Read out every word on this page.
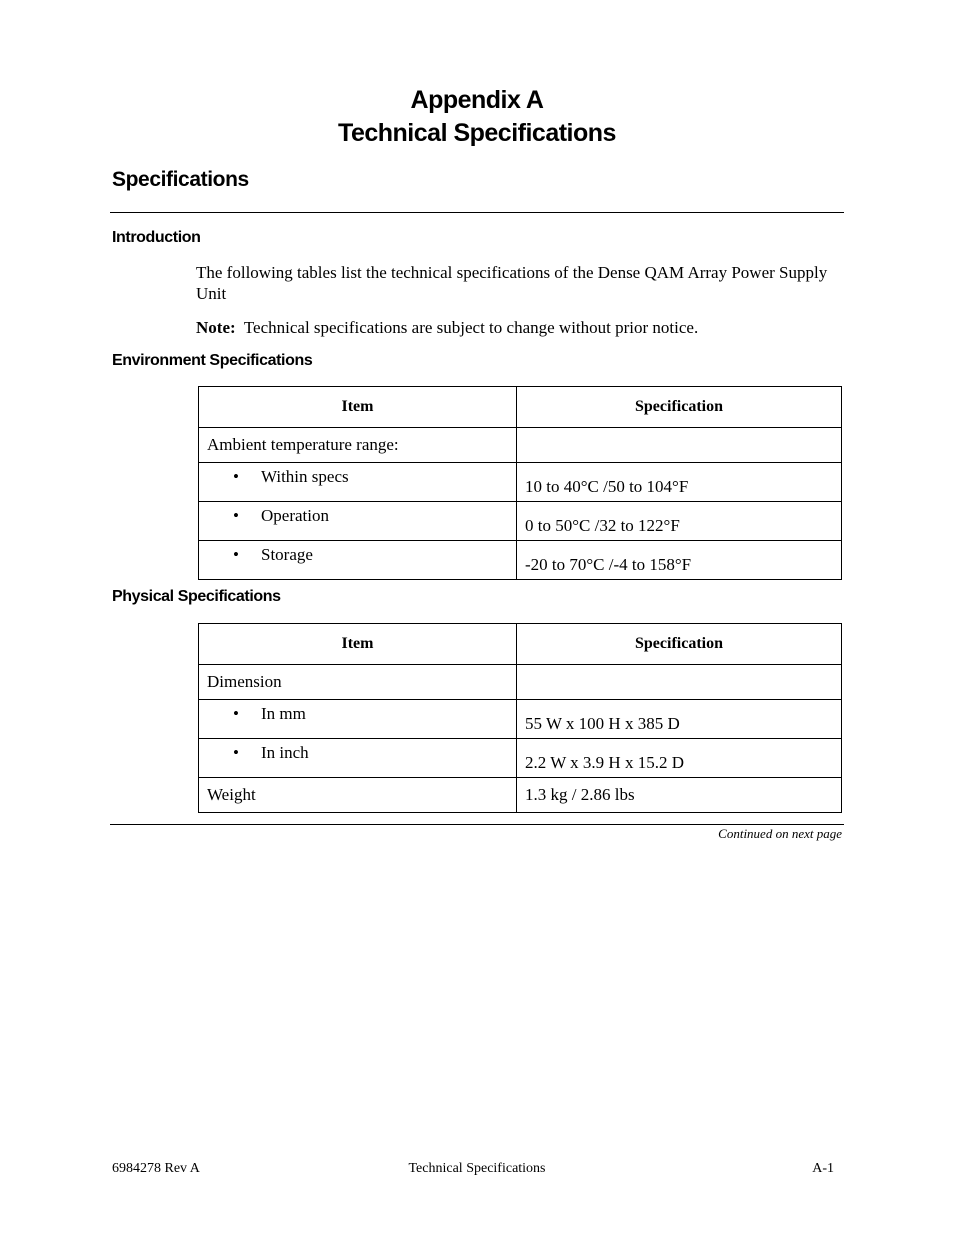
Appendix A
Technical Specifications
Specifications
Introduction
The following tables list the technical specifications of the Dense QAM Array Power Supply Unit
Note: Technical specifications are subject to change without prior notice.
Environment Specifications
Item	Specification
Ambient temperature range:	
• Within specs	10 to 40°C /50 to 104°F
• Operation	0 to 50°C /32 to 122°F
• Storage	-20 to 70°C /-4 to 158°F
Physical Specifications
Item	Specification
Dimension	
• In mm	55 W x 100 H x 385 D
• In inch	2.2 W x 3.9 H x 15.2 D
Weight	1.3 kg / 2.86 lbs
Continued on next page
6984278 Rev A	Technical Specifications	A-1
